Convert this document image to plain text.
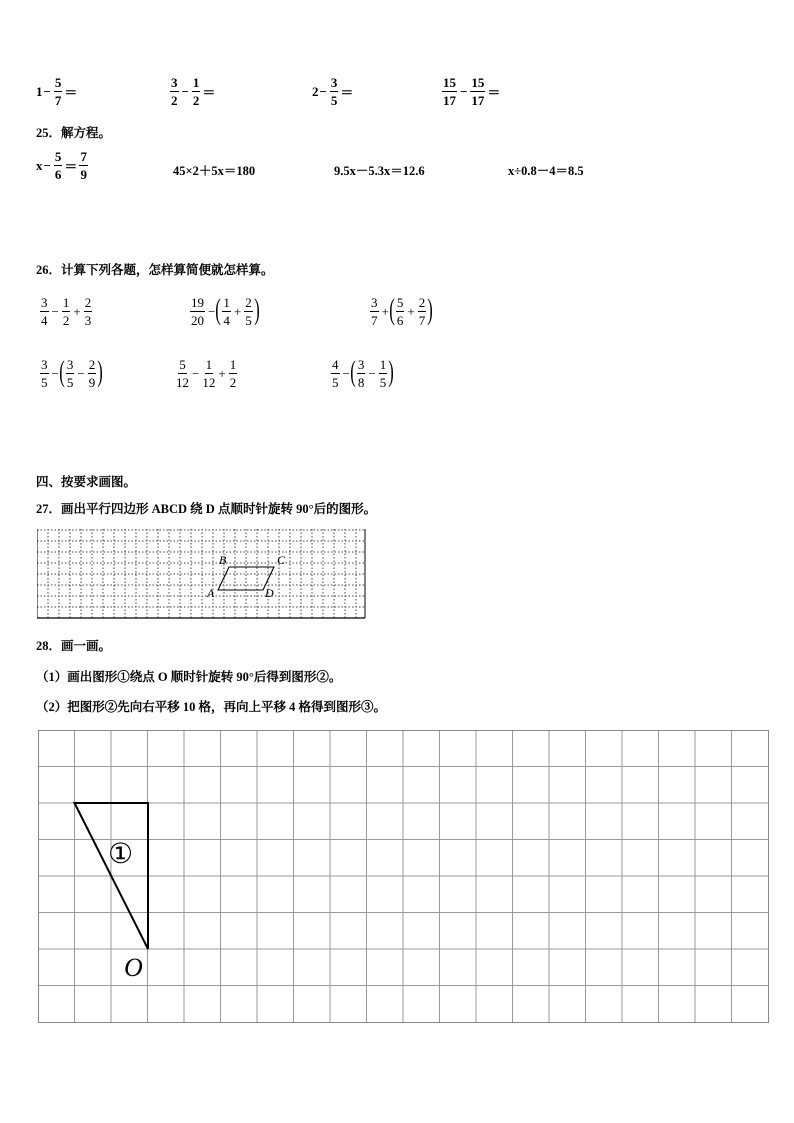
$1 - \frac{5}{7}$ ＝	$\frac{3}{2} - \frac{1}{2}$ ＝	$2 - \frac{3}{5}$ ＝	$\frac{15}{17} - \frac{15}{17}$ ＝
25．解方程。
$x - \frac{5}{6} = \frac{7}{9}$	45×2＋5x＝180	9.5x－5.3x＝12.6	x÷0.8－4＝8.5
26．计算下列各题，怎样算简便就怎样算。
$\frac{3}{4} - \frac{1}{2} + \frac{2}{3}$	$\frac{19}{20}$ − ( $\frac{1}{4} + \frac{2}{5}$ )	$\frac{3}{7}$ + ( $\frac{5}{6} + \frac{2}{7}$ )
$\frac{3}{5}$ − ( $\frac{3}{5} - \frac{2}{9}$ )	$\frac{5}{12} - \frac{1}{12} + \frac{1}{2}$	$\frac{4}{5}$ − ( $\frac{3}{8} - \frac{1}{5}$ )
四、按要求画图。
27．画出平行四边形 ABCD 绕 D 点顺时针旋转 90°后的图形。
B	C
A	D
28．画一画。
（1）画出图形①绕点 O 顺时针旋转 90°后得到图形②。
（2）把图形②先向右平移 10 格，再向上平移 4 格得到图形③。
①
O
